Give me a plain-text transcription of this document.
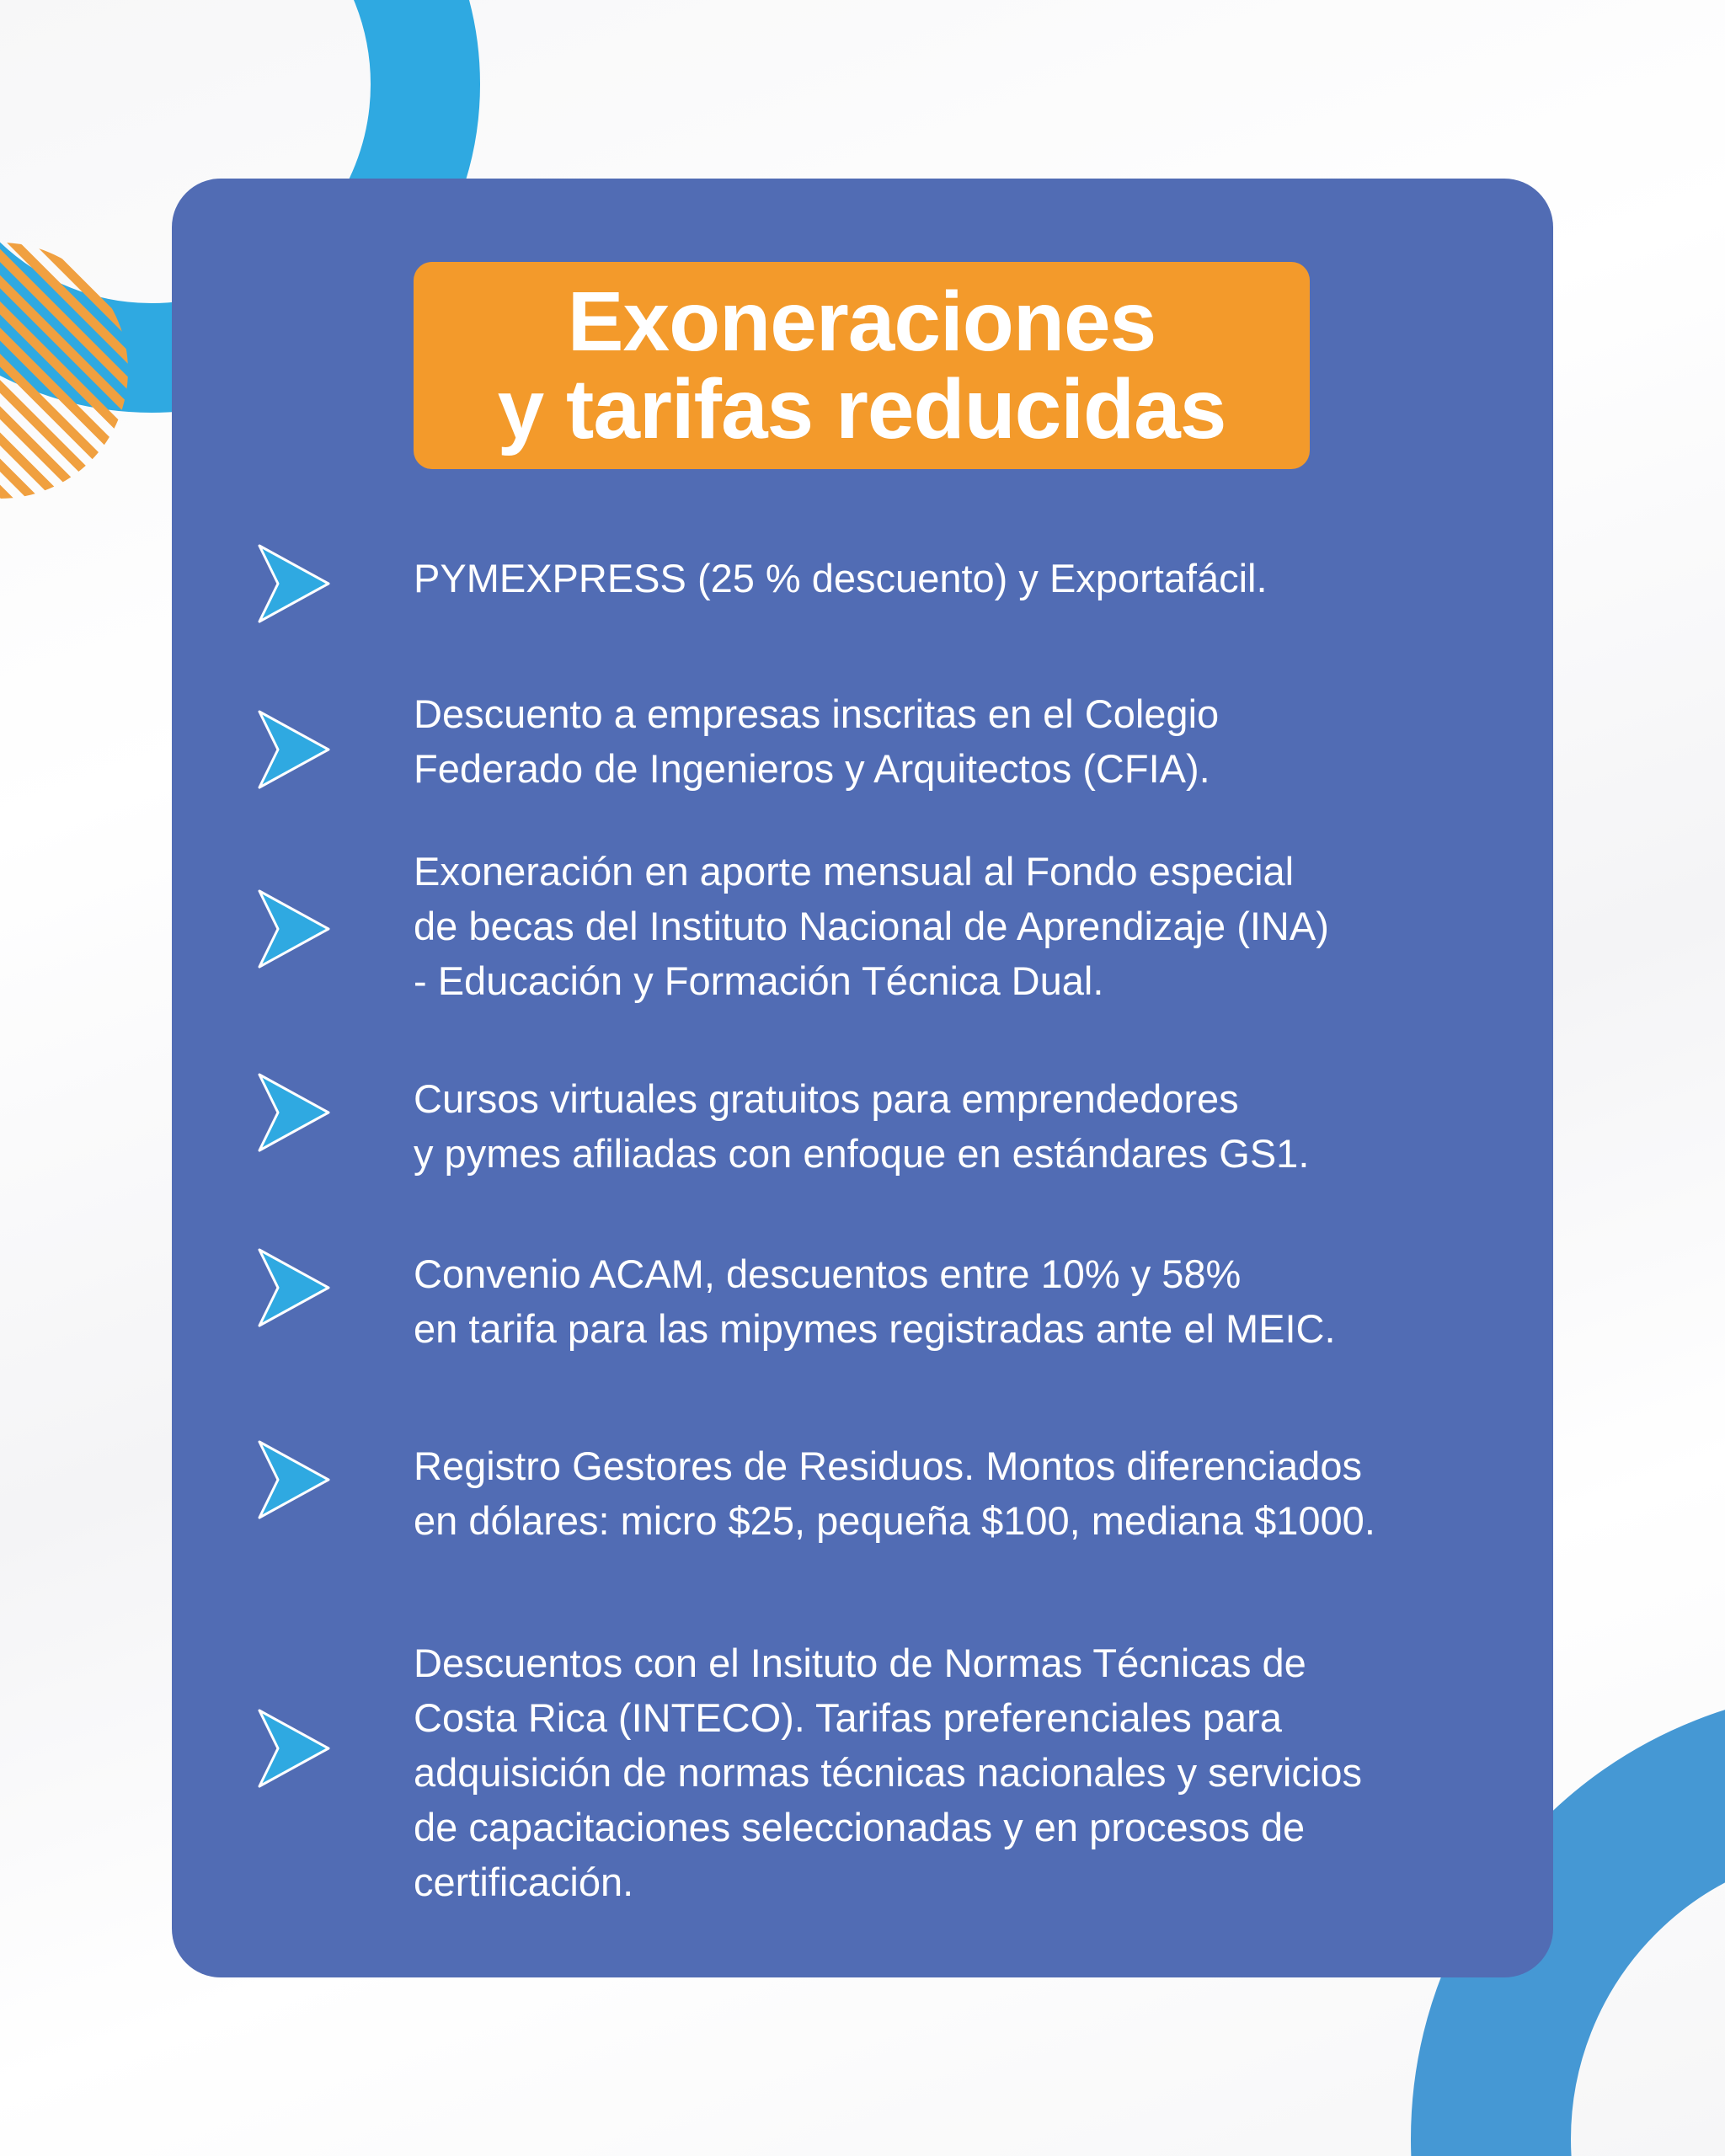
Exoneraciones
y tarifas reducidas
PYMEXPRESS (25 % descuento) y Exportafácil.
Descuento a empresas inscritas en el Colegio
Federado de Ingenieros y Arquitectos (CFIA).
Exoneración en aporte mensual al Fondo especial
de becas del Instituto Nacional de Aprendizaje (INA)
- Educación y Formación Técnica Dual.
Cursos virtuales gratuitos para emprendedores
y pymes afiliadas con enfoque en estándares GS1.
Convenio ACAM, descuentos entre 10% y 58%
en tarifa para las mipymes registradas ante el MEIC.
Registro Gestores de Residuos. Montos diferenciados
en dólares: micro $25, pequeña $100, mediana $1000.
Descuentos con el Insituto de Normas Técnicas de
Costa Rica (INTECO). Tarifas preferenciales para
adquisición de normas técnicas nacionales y servicios
de capacitaciones seleccionadas y en procesos de
certificación.
